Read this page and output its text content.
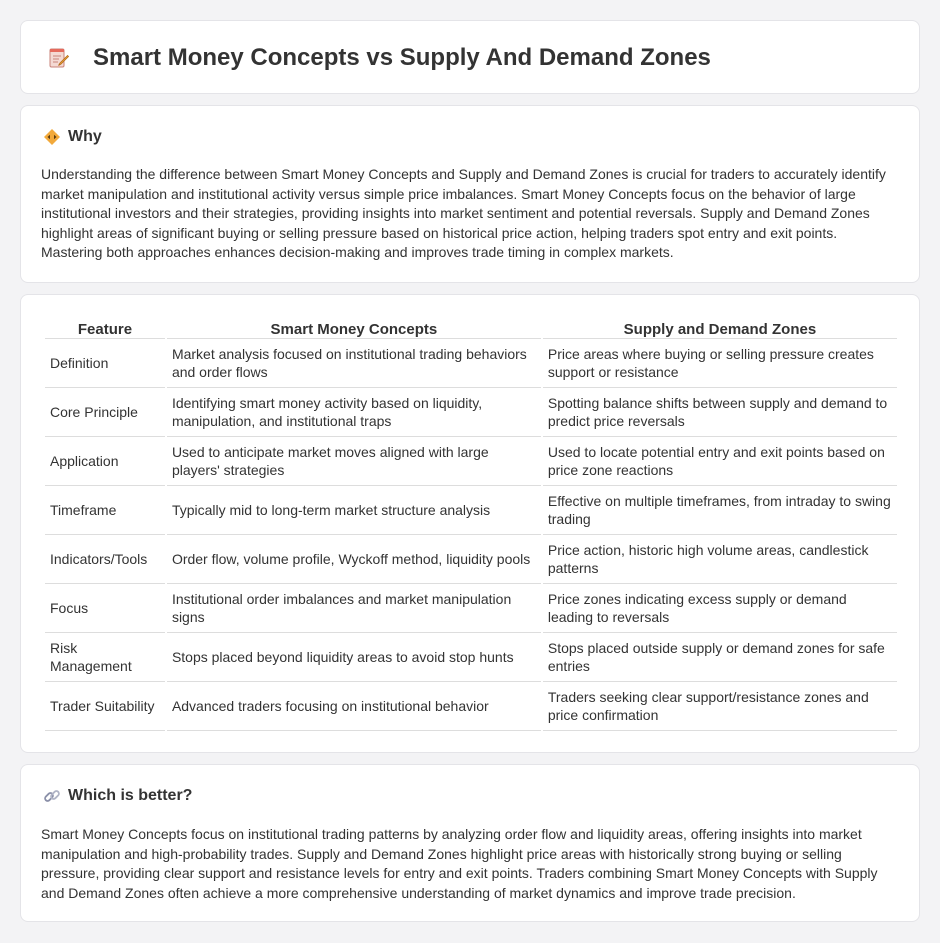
Smart Money Concepts vs Supply And Demand Zones
Why

Understanding the difference between Smart Money Concepts and Supply and Demand Zones is crucial for traders to accurately identify market manipulation and institutional activity versus simple price imbalances. Smart Money Concepts focus on the behavior of large institutional investors and their strategies, providing insights into market sentiment and potential reversals. Supply and Demand Zones highlight areas of significant buying or selling pressure based on historical price action, helping traders spot entry and exit points. Mastering both approaches enhances decision-making and improves trade timing in complex markets.

Feature	Smart Money Concepts	Supply and Demand Zones
Definition	Market analysis focused on institutional trading behaviors and order flows	Price areas where buying or selling pressure creates support or resistance
Core Principle	Identifying smart money activity based on liquidity, manipulation, and institutional traps	Spotting balance shifts between supply and demand to predict price reversals
Application	Used to anticipate market moves aligned with large players' strategies	Used to locate potential entry and exit points based on price zone reactions
Timeframe	Typically mid to long-term market structure analysis	Effective on multiple timeframes, from intraday to swing trading
Indicators/Tools	Order flow, volume profile, Wyckoff method, liquidity pools	Price action, historic high volume areas, candlestick patterns
Focus	Institutional order imbalances and market manipulation signs	Price zones indicating excess supply or demand leading to reversals
Risk Management	Stops placed beyond liquidity areas to avoid stop hunts	Stops placed outside supply or demand zones for safe entries
Trader Suitability	Advanced traders focusing on institutional behavior	Traders seeking clear support/resistance zones and price confirmation
Which is better?

Smart Money Concepts focus on institutional trading patterns by analyzing order flow and liquidity areas, offering insights into market manipulation and high-probability trades. Supply and Demand Zones highlight price areas with historically strong buying or selling pressure, providing clear support and resistance levels for entry and exit points. Traders combining Smart Money Concepts with Supply and Demand Zones often achieve a more comprehensive understanding of market dynamics and improve trade precision.
